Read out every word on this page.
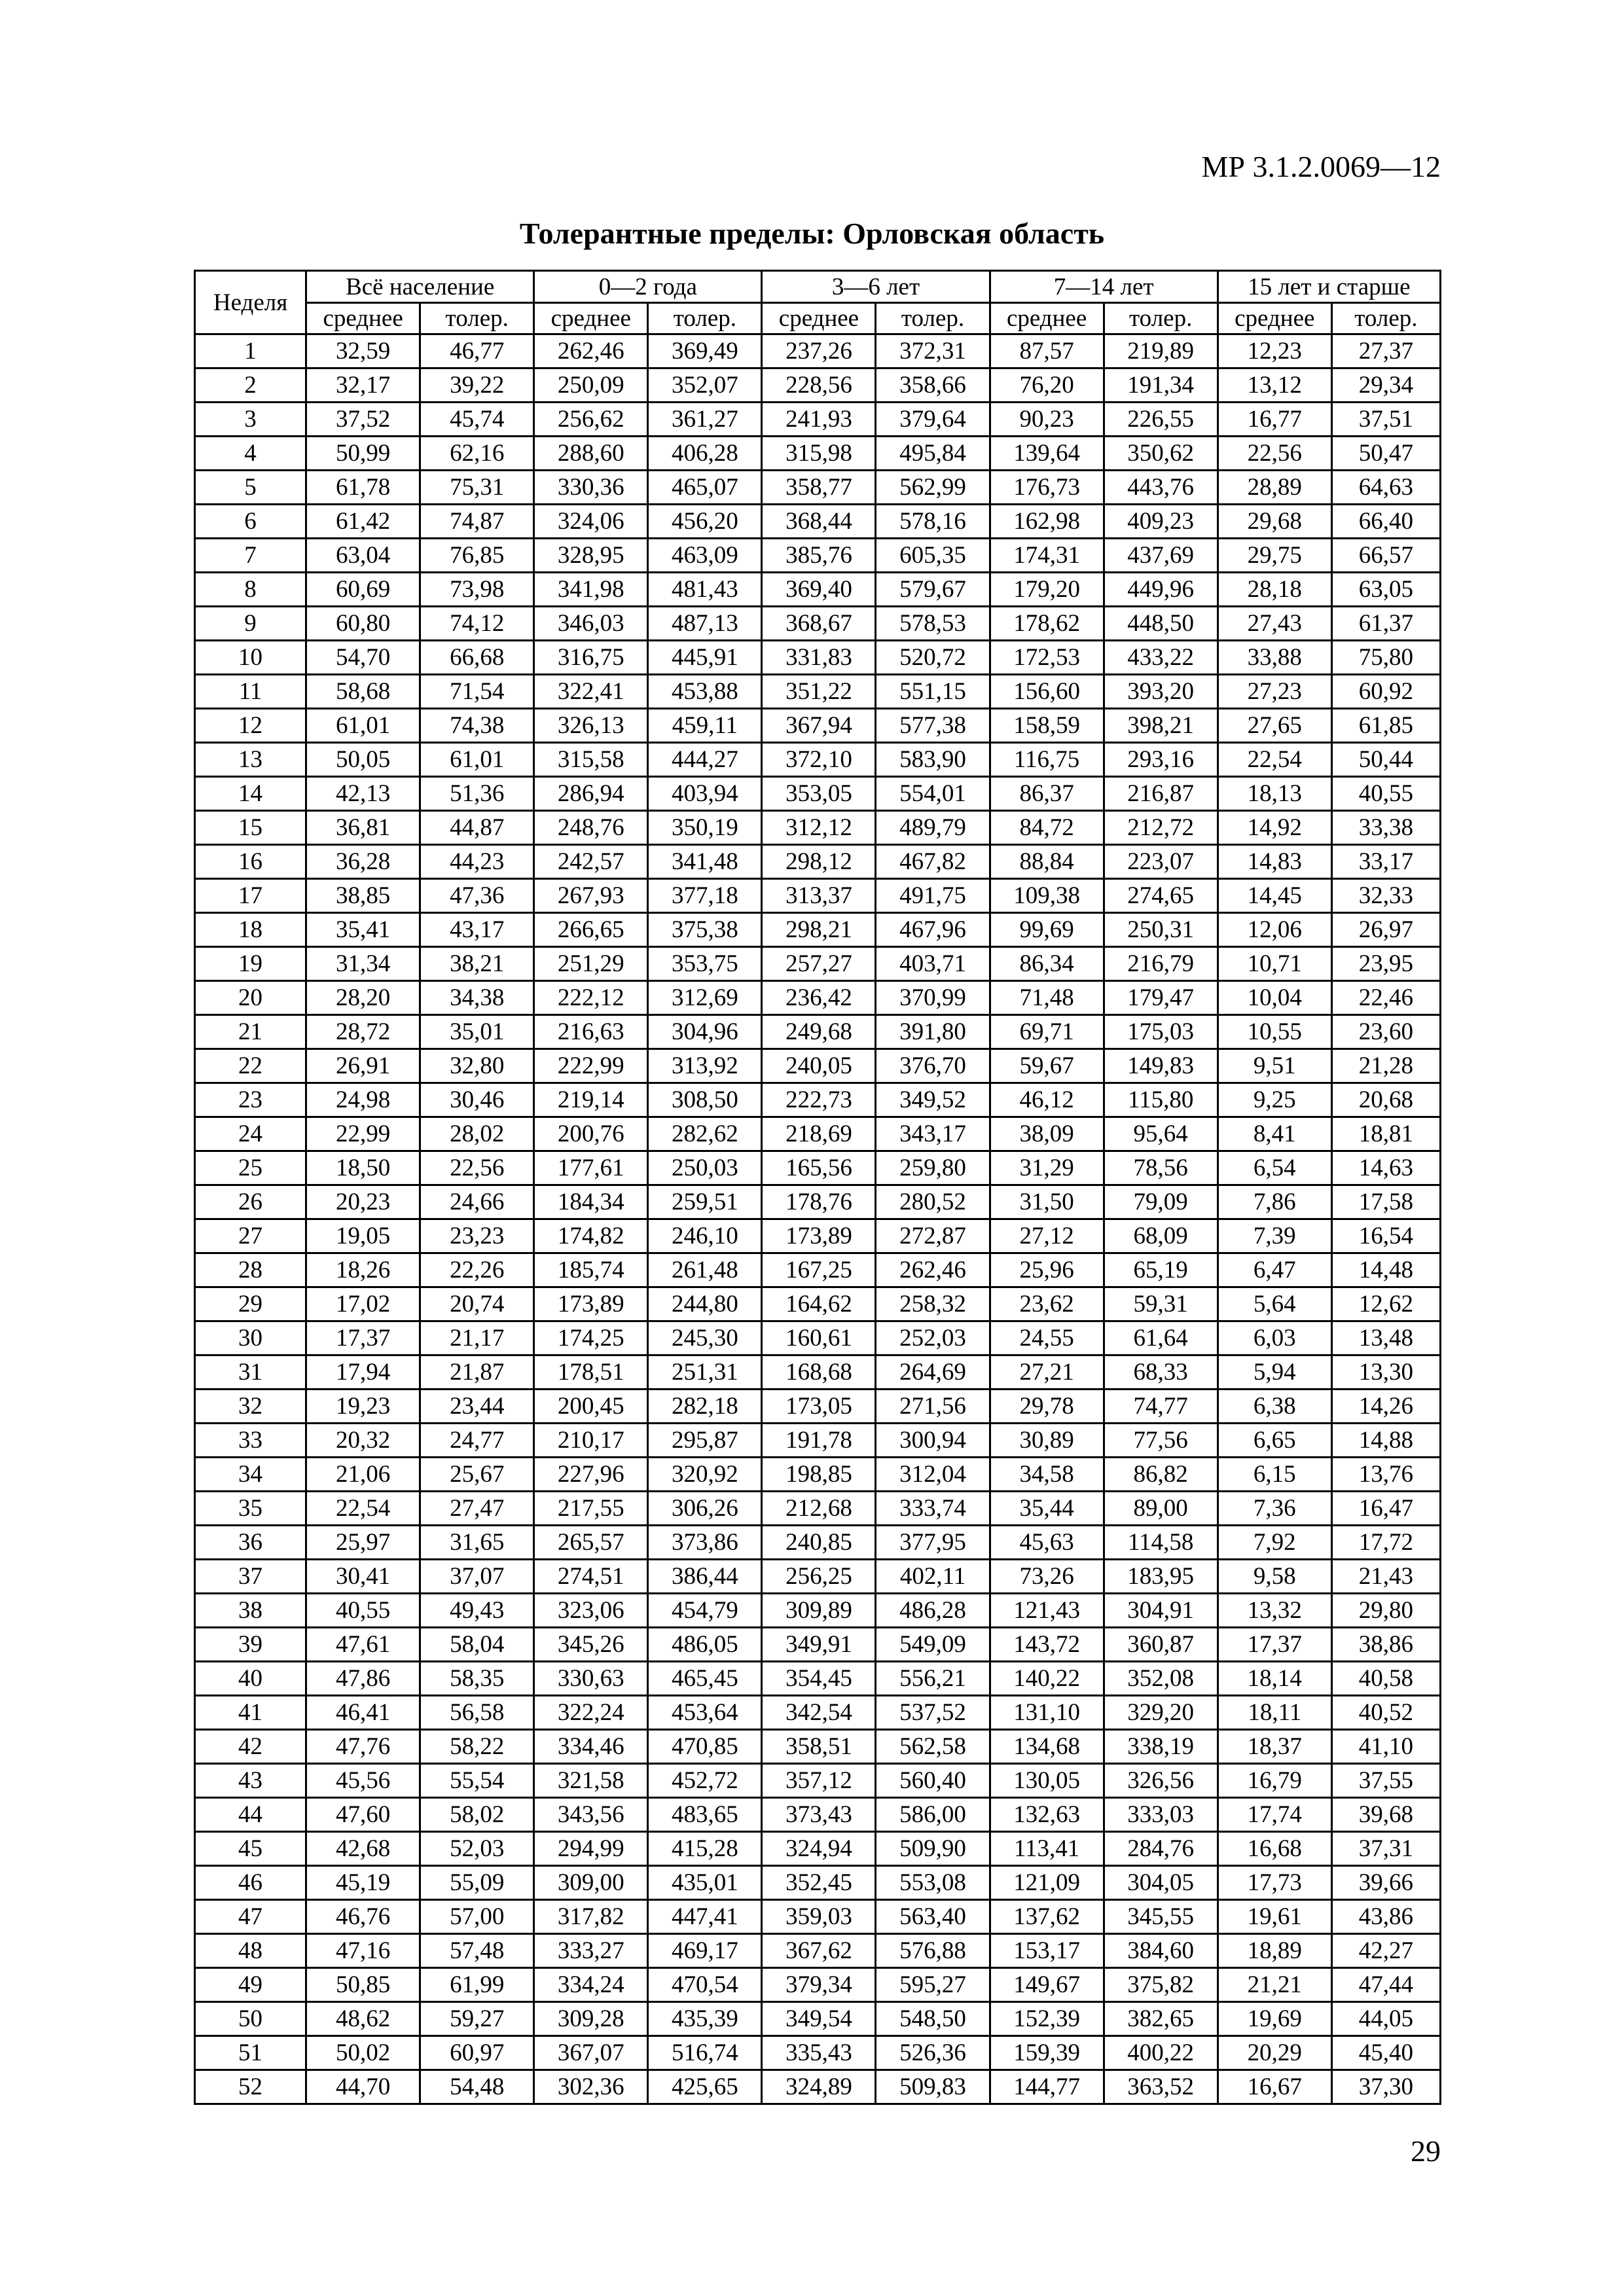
МР 3.1.2.0069—12
Толерантные пределы: Орловская область
Неделя	Всё население		0—2 года		3—6 лет		7—14 лет		15 лет и старше	
	среднее	толер.	среднее	толер.	среднее	толер.	среднее	толер.	среднее	толер.
1	32,59	46,77	262,46	369,49	237,26	372,31	87,57	219,89	12,23	27,37
2	32,17	39,22	250,09	352,07	228,56	358,66	76,20	191,34	13,12	29,34
3	37,52	45,74	256,62	361,27	241,93	379,64	90,23	226,55	16,77	37,51
4	50,99	62,16	288,60	406,28	315,98	495,84	139,64	350,62	22,56	50,47
5	61,78	75,31	330,36	465,07	358,77	562,99	176,73	443,76	28,89	64,63
6	61,42	74,87	324,06	456,20	368,44	578,16	162,98	409,23	29,68	66,40
7	63,04	76,85	328,95	463,09	385,76	605,35	174,31	437,69	29,75	66,57
8	60,69	73,98	341,98	481,43	369,40	579,67	179,20	449,96	28,18	63,05
9	60,80	74,12	346,03	487,13	368,67	578,53	178,62	448,50	27,43	61,37
10	54,70	66,68	316,75	445,91	331,83	520,72	172,53	433,22	33,88	75,80
11	58,68	71,54	322,41	453,88	351,22	551,15	156,60	393,20	27,23	60,92
12	61,01	74,38	326,13	459,11	367,94	577,38	158,59	398,21	27,65	61,85
13	50,05	61,01	315,58	444,27	372,10	583,90	116,75	293,16	22,54	50,44
14	42,13	51,36	286,94	403,94	353,05	554,01	86,37	216,87	18,13	40,55
15	36,81	44,87	248,76	350,19	312,12	489,79	84,72	212,72	14,92	33,38
16	36,28	44,23	242,57	341,48	298,12	467,82	88,84	223,07	14,83	33,17
17	38,85	47,36	267,93	377,18	313,37	491,75	109,38	274,65	14,45	32,33
18	35,41	43,17	266,65	375,38	298,21	467,96	99,69	250,31	12,06	26,97
19	31,34	38,21	251,29	353,75	257,27	403,71	86,34	216,79	10,71	23,95
20	28,20	34,38	222,12	312,69	236,42	370,99	71,48	179,47	10,04	22,46
21	28,72	35,01	216,63	304,96	249,68	391,80	69,71	175,03	10,55	23,60
22	26,91	32,80	222,99	313,92	240,05	376,70	59,67	149,83	9,51	21,28
23	24,98	30,46	219,14	308,50	222,73	349,52	46,12	115,80	9,25	20,68
24	22,99	28,02	200,76	282,62	218,69	343,17	38,09	95,64	8,41	18,81
25	18,50	22,56	177,61	250,03	165,56	259,80	31,29	78,56	6,54	14,63
26	20,23	24,66	184,34	259,51	178,76	280,52	31,50	79,09	7,86	17,58
27	19,05	23,23	174,82	246,10	173,89	272,87	27,12	68,09	7,39	16,54
28	18,26	22,26	185,74	261,48	167,25	262,46	25,96	65,19	6,47	14,48
29	17,02	20,74	173,89	244,80	164,62	258,32	23,62	59,31	5,64	12,62
30	17,37	21,17	174,25	245,30	160,61	252,03	24,55	61,64	6,03	13,48
31	17,94	21,87	178,51	251,31	168,68	264,69	27,21	68,33	5,94	13,30
32	19,23	23,44	200,45	282,18	173,05	271,56	29,78	74,77	6,38	14,26
33	20,32	24,77	210,17	295,87	191,78	300,94	30,89	77,56	6,65	14,88
34	21,06	25,67	227,96	320,92	198,85	312,04	34,58	86,82	6,15	13,76
35	22,54	27,47	217,55	306,26	212,68	333,74	35,44	89,00	7,36	16,47
36	25,97	31,65	265,57	373,86	240,85	377,95	45,63	114,58	7,92	17,72
37	30,41	37,07	274,51	386,44	256,25	402,11	73,26	183,95	9,58	21,43
38	40,55	49,43	323,06	454,79	309,89	486,28	121,43	304,91	13,32	29,80
39	47,61	58,04	345,26	486,05	349,91	549,09	143,72	360,87	17,37	38,86
40	47,86	58,35	330,63	465,45	354,45	556,21	140,22	352,08	18,14	40,58
41	46,41	56,58	322,24	453,64	342,54	537,52	131,10	329,20	18,11	40,52
42	47,76	58,22	334,46	470,85	358,51	562,58	134,68	338,19	18,37	41,10
43	45,56	55,54	321,58	452,72	357,12	560,40	130,05	326,56	16,79	37,55
44	47,60	58,02	343,56	483,65	373,43	586,00	132,63	333,03	17,74	39,68
45	42,68	52,03	294,99	415,28	324,94	509,90	113,41	284,76	16,68	37,31
46	45,19	55,09	309,00	435,01	352,45	553,08	121,09	304,05	17,73	39,66
47	46,76	57,00	317,82	447,41	359,03	563,40	137,62	345,55	19,61	43,86
48	47,16	57,48	333,27	469,17	367,62	576,88	153,17	384,60	18,89	42,27
49	50,85	61,99	334,24	470,54	379,34	595,27	149,67	375,82	21,21	47,44
50	48,62	59,27	309,28	435,39	349,54	548,50	152,39	382,65	19,69	44,05
51	50,02	60,97	367,07	516,74	335,43	526,36	159,39	400,22	20,29	45,40
52	44,70	54,48	302,36	425,65	324,89	509,83	144,77	363,52	16,67	37,30
29
